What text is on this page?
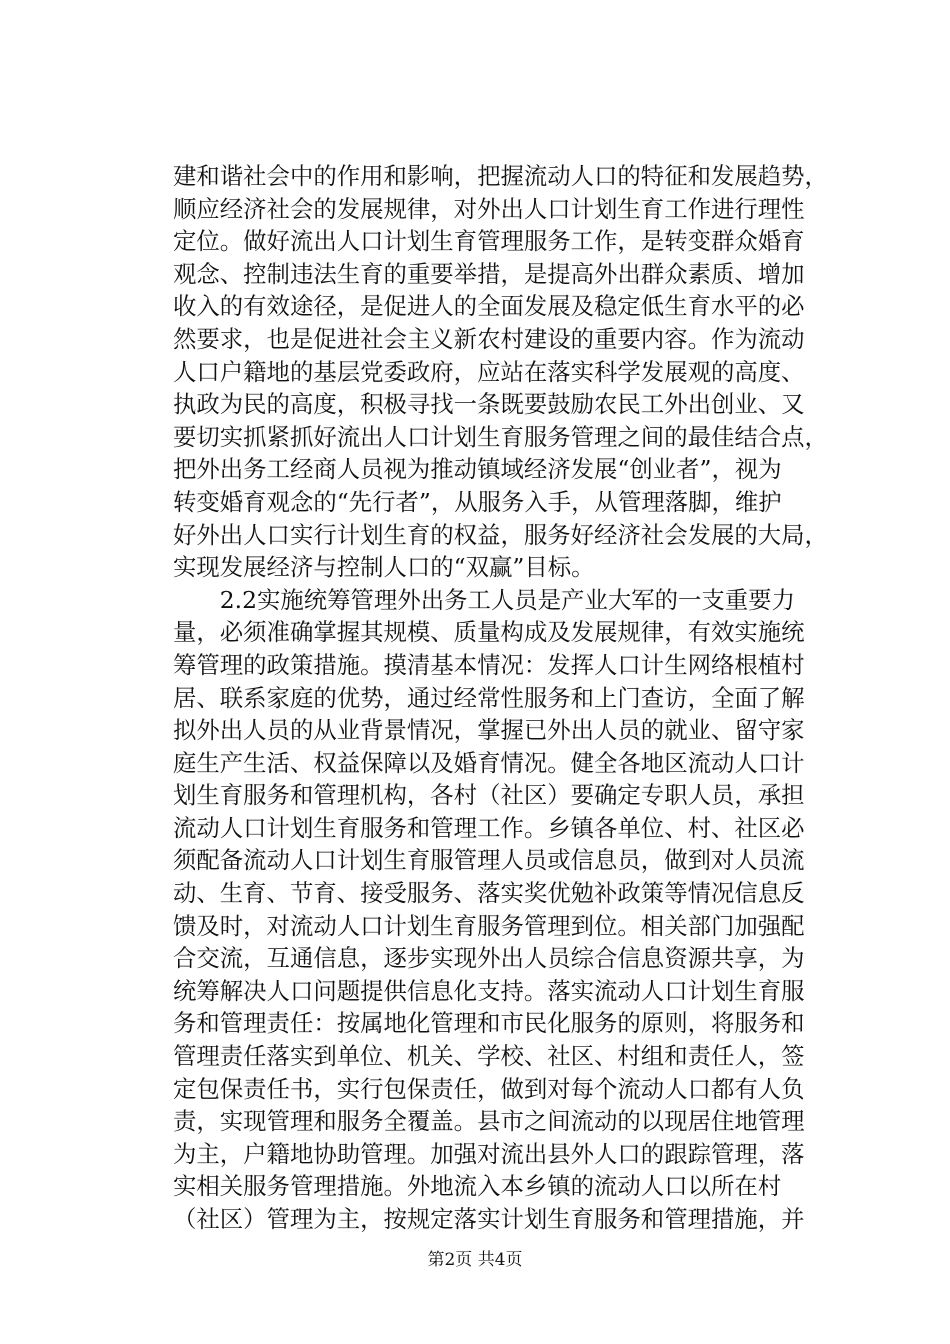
建和谐社会中的作用和影响，把握流动人口的特征和发展趋势，
顺应经济社会的发展规律，对外出人口计划生育工作进行理性
定位。做好流出人口计划生育管理服务工作，是转变群众婚育
观念、控制违法生育的重要举措，是提高外出群众素质、增加
收入的有效途径，是促进人的全面发展及稳定低生育水平的必
然要求，也是促进社会主义新农村建设的重要内容。作为流动
人口户籍地的基层党委政府，应站在落实科学发展观的高度、
执政为民的高度，积极寻找一条既要鼓励农民工外出创业、又
要切实抓紧抓好流出人口计划生育服务管理之间的最佳结合点，
把外出务工经商人员视为推动镇域经济发展“创业者”，视为
转变婚育观念的“先行者”，从服务入手，从管理落脚，维护
好外出人口实行计划生育的权益，服务好经济社会发展的大局，
实现发展经济与控制人口的“双赢”目标。
　　2.2实施统筹管理外出务工人员是产业大军的一支重要力
量，必须准确掌握其规模、质量构成及发展规律，有效实施统
筹管理的政策措施。摸清基本情况：发挥人口计生网络根植村
居、联系家庭的优势，通过经常性服务和上门查访，全面了解
拟外出人员的从业背景情况，掌握已外出人员的就业、留守家
庭生产生活、权益保障以及婚育情况。健全各地区流动人口计
划生育服务和管理机构，各村（社区）要确定专职人员，承担
流动人口计划生育服务和管理工作。乡镇各单位、村、社区必
须配备流动人口计划生育服管理人员或信息员，做到对人员流
动、生育、节育、接受服务、落实奖优勉补政策等情况信息反
馈及时，对流动人口计划生育服务管理到位。相关部门加强配
合交流，互通信息，逐步实现外出人员综合信息资源共享，为
统筹解决人口问题提供信息化支持。落实流动人口计划生育服
务和管理责任：按属地化管理和市民化服务的原则，将服务和
管理责任落实到单位、机关、学校、社区、村组和责任人，签
定包保责任书，实行包保责任，做到对每个流动人口都有人负
责，实现管理和服务全覆盖。县市之间流动的以现居住地管理
为主，户籍地协助管理。加强对流出县外人口的跟踪管理，落
实相关服务管理措施。外地流入本乡镇的流动人口以所在村
（社区）管理为主，按规定落实计划生育服务和管理措施，并
第2页 共4页
